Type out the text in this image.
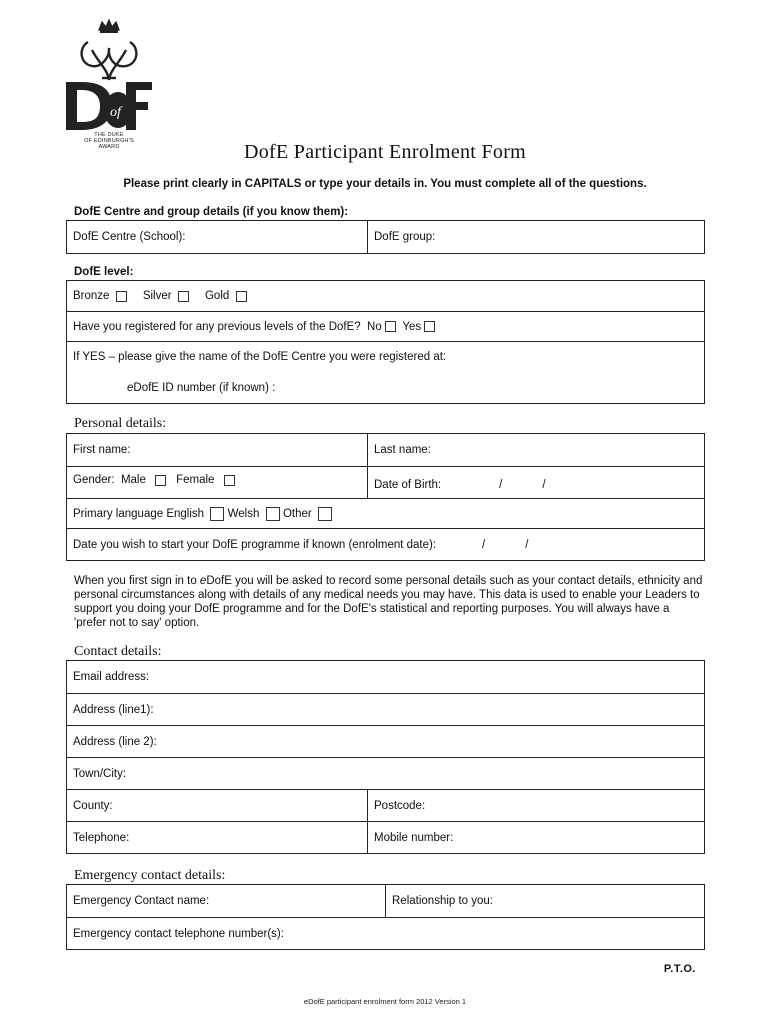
of
THE DUKE
OF EDINBURGH'S
AWARD	DofE Participant Enrolment Form
Please print clearly in CAPITALS or type your details in. You must complete all of the questions.
DofE Centre and group details (if you know them):
DofE Centre (School):	DofE group:
DofE level:
Bronze
	Silver
	Gold

Have you registered for any previous levels of the DofE?
No

Yes

If YES – please give the name of the DofE Centre you were registered at:
eDofE ID number (if known) :
Personal details:
First name:	Last name:
Gender:
Male

	Female
	Date of Birth:	/	/
Primary language English

Welsh

Other

Date you wish to start your DofE programme if known (enrolment date):	/	/
When you first sign in to eDofE you will be asked to record some personal details such as your contact details, ethnicity and personal circumstances along with details of any medical needs you may have. This data is used to enable your Leaders to support you doing your DofE programme and for the DofE's statistical and reporting purposes. You will always have a 'prefer not to say' option.
Contact details:
Email address:
Address (line1):
Address (line 2):
Town/City:
County:	Postcode:
Telephone:	Mobile number:
Emergency contact details:
Emergency Contact name:	Relationship to you:
Emergency contact telephone number(s):
P.T.O.
eDofE participant enrolment form 2012 Version 1
